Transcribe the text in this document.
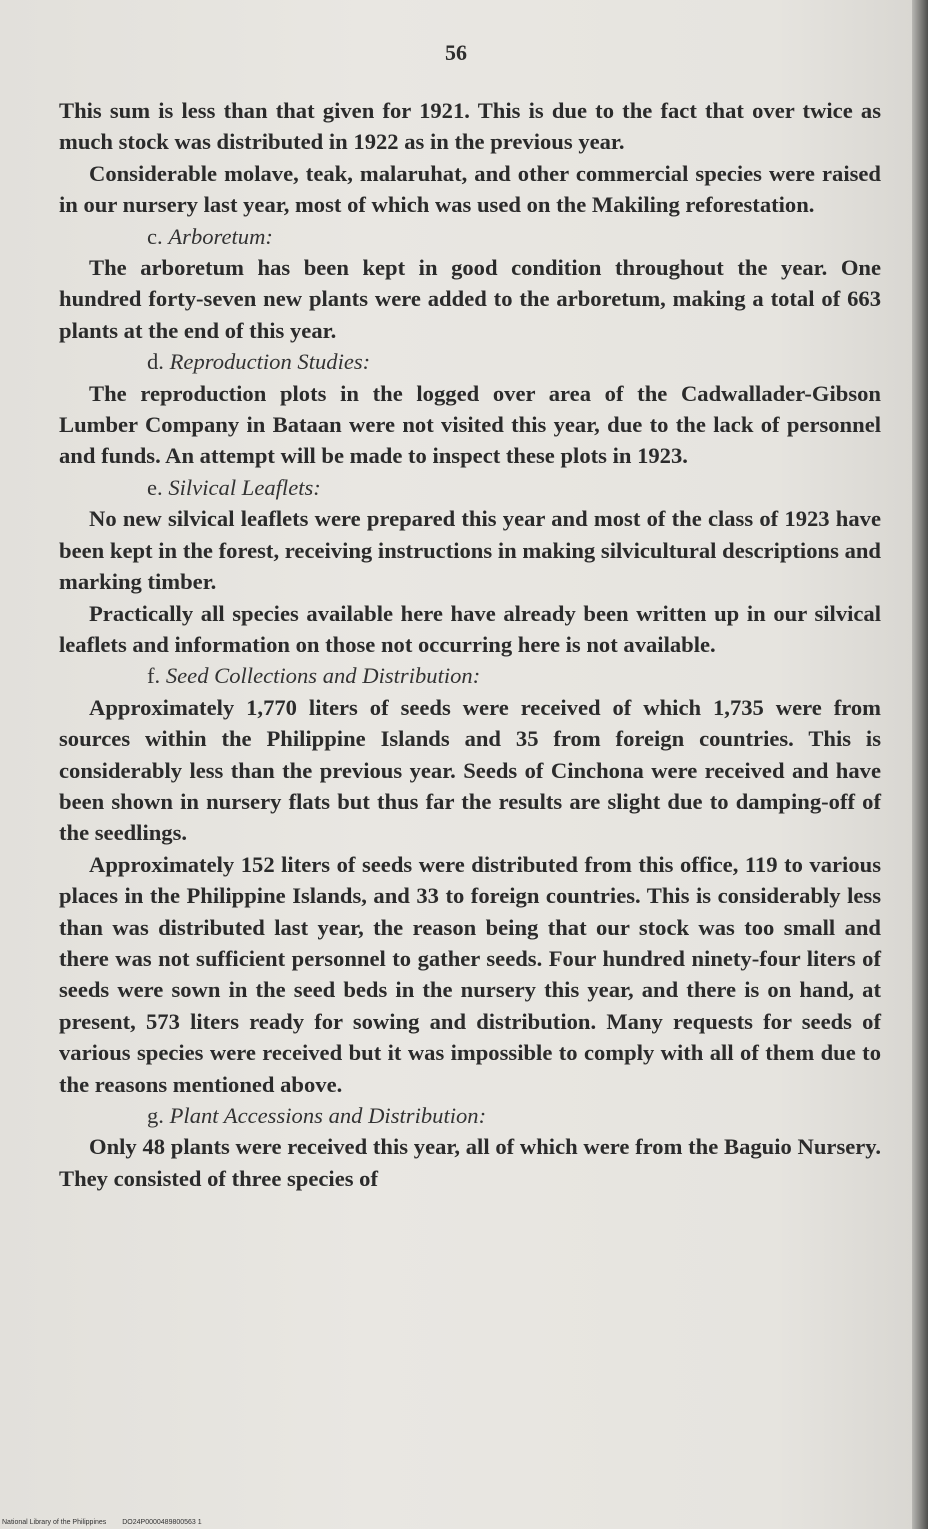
56

This sum is less than that given for 1921. This is due to the fact that over twice as much stock was distributed in 1922 as in the previous year.

Considerable molave, teak, malaruhat, and other commercial species were raised in our nursery last year, most of which was used on the Makiling reforestation.

c. Arboretum:

The arboretum has been kept in good condition throughout the year. One hundred forty-seven new plants were added to the arboretum, making a total of 663 plants at the end of this year.

d. Reproduction Studies:

The reproduction plots in the logged over area of the Cadwallader-Gibson Lumber Company in Bataan were not visited this year, due to the lack of personnel and funds. An attempt will be made to inspect these plots in 1923.

e. Silvical Leaflets:

No new silvical leaflets were prepared this year and most of the class of 1923 have been kept in the forest, receiving instructions in making silvicultural descriptions and marking timber.

Practically all species available here have already been written up in our silvical leaflets and information on those not occurring here is not available.

f. Seed Collections and Distribution:

Approximately 1,770 liters of seeds were received of which 1,735 were from sources within the Philippine Islands and 35 from foreign countries. This is considerably less than the previous year. Seeds of Cinchona were received and have been shown in nursery flats but thus far the results are slight due to damping-off of the seedlings.

Approximately 152 liters of seeds were distributed from this office, 119 to various places in the Philippine Islands, and 33 to foreign countries. This is considerably less than was distributed last year, the reason being that our stock was too small and there was not sufficient personnel to gather seeds. Four hundred ninety-four liters of seeds were sown in the seed beds in the nursery this year, and there is on hand, at present, 573 liters ready for sowing and distribution. Many requests for seeds of various species were received but it was impossible to comply with all of them due to the reasons mentioned above.

g. Plant Accessions and Distribution:

Only 48 plants were received this year, all of which were from the Baguio Nursery. They consisted of three species of

National Library of the Philippines DO24P0000489800563 1
